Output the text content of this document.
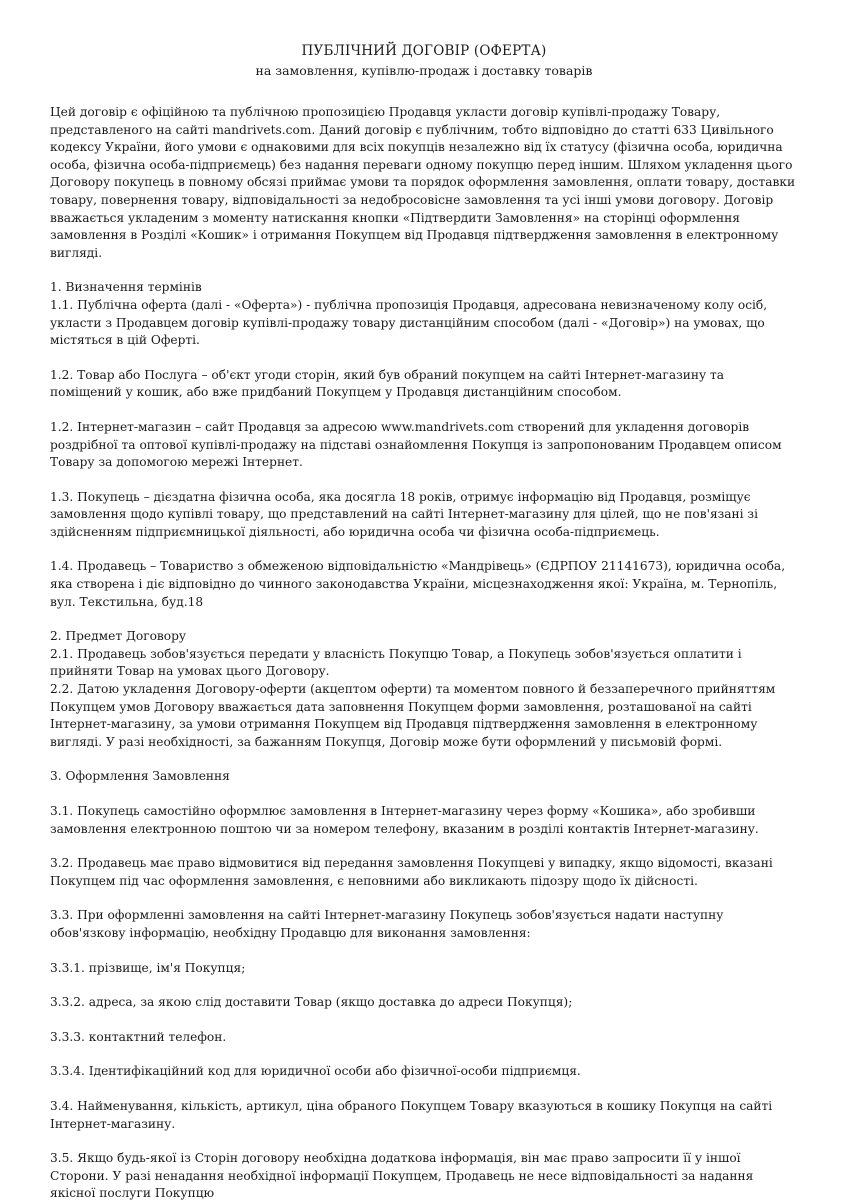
ПУБЛІЧНИЙ ДОГОВІР (ОФЕРТА)
на замовлення, купівлю-продаж і доставку товарів

Цей договір є офіційною та публічною пропозицією Продавця укласти договір купівлі-продажу Товару, представленого на сайті mandrivets.com. Даний договір є публічним, тобто відповідно до статті 633 Цивільного кодексу України, його умови є однаковими для всіх покупців незалежно від їх статусу (фізична особа, юридична особа, фізична особа-підприємець) без надання переваги одному покупцю перед іншим. Шляхом укладення цього Договору покупець в повному обсязі приймає умови та порядок оформлення замовлення, оплати товару, доставки товару, повернення товару, відповідальності за недобросовісне замовлення та усі інші умови договору. Договір вважається укладеним з моменту натискання кнопки «Підтвердити Замовлення» на сторінці оформлення замовлення в Розділі «Кошик» і отримання Покупцем від Продавця підтвердження замовлення в електронному вигляді.

1. Визначення термінів

1.1. Публічна оферта (далі - «Оферта») - публічна пропозиція Продавця, адресована невизначеному колу осіб, укласти з Продавцем договір купівлі-продажу товару дистанційним способом (далі - «Договір») на умовах, що містяться в цій Оферті.

1.2. Товар або Послуга – об'єкт угоди сторін, який був обраний покупцем на сайті Інтернет-магазину та поміщений у кошик, або вже придбаний Покупцем у Продавця дистанційним способом.

1.2. Інтернет-магазин – сайт Продавця за адресою www.mandrivets.com створений для укладення договорів роздрібної та оптової купівлі-продажу на підставі ознайомлення Покупця із запропонованим Продавцем описом Товару за допомогою мережі Інтернет.

1.3. Покупець – дієздатна фізична особа, яка досягла 18 років, отримує інформацію від Продавця, розміщує замовлення щодо купівлі товару, що представлений на сайті Інтернет-магазину для цілей, що не пов'язані зі здійсненням підприємницької діяльності, або юридична особа чи фізична особа-підприємець.

1.4. Продавець – Товариство з обмеженою відповідальністю «Мандрівець» (ЄДРПОУ 21141673), юридична особа, яка створена і діє відповідно до чинного законодавства України, місцезнаходження якої: Україна, м. Тернопіль, вул. Текстильна, буд.18

2. Предмет Договору

2.1. Продавець зобов'язується передати у власність Покупцю Товар, а Покупець зобов'язується оплатити і прийняти Товар на умовах цього Договору.

2.2. Датою укладення Договору-оферти (акцептом оферти) та моментом повного й беззаперечного прийняттям Покупцем умов Договору вважається дата заповнення Покупцем форми замовлення, розташованої на сайті Інтернет-магазину, за умови отримання Покупцем від Продавця підтвердження замовлення в електронному вигляді. У разі необхідності, за бажанням Покупця, Договір може бути оформлений у письмовій формі.

3. Оформлення Замовлення

3.1. Покупець самостійно оформлює замовлення в Інтернет-магазину через форму «Кошика», або зробивши замовлення електронною поштою чи за номером телефону, вказаним в розділі контактів Інтернет-магазину.

3.2. Продавець має право відмовитися від передання замовлення Покупцеві у випадку, якщо відомості, вказані Покупцем під час оформлення замовлення, є неповними або викликають підозру щодо їх дійсності.

3.3. При оформленні замовлення на сайті Інтернет-магазину Покупець зобов'язується надати наступну обов'язкову інформацію, необхідну Продавцю для виконання замовлення:

3.3.1. прізвище, ім'я Покупця;

3.3.2. адреса, за якою слід доставити Товар (якщо доставка до адреси Покупця);

3.3.3. контактний телефон.

3.3.4. Ідентифікаційний код для юридичної особи або фізичної-особи підприємця.

3.4. Найменування, кількість, артикул, ціна обраного Покупцем Товару вказуються в кошику Покупця на сайті Інтернет-магазину.

3.5. Якщо будь-якої із Сторін договору необхідна додаткова інформація, він має право запросити її у іншої Сторони. У разі ненадання необхідної інформації Покупцем, Продавець не несе відповідальності за надання якісної послуги Покупцю
